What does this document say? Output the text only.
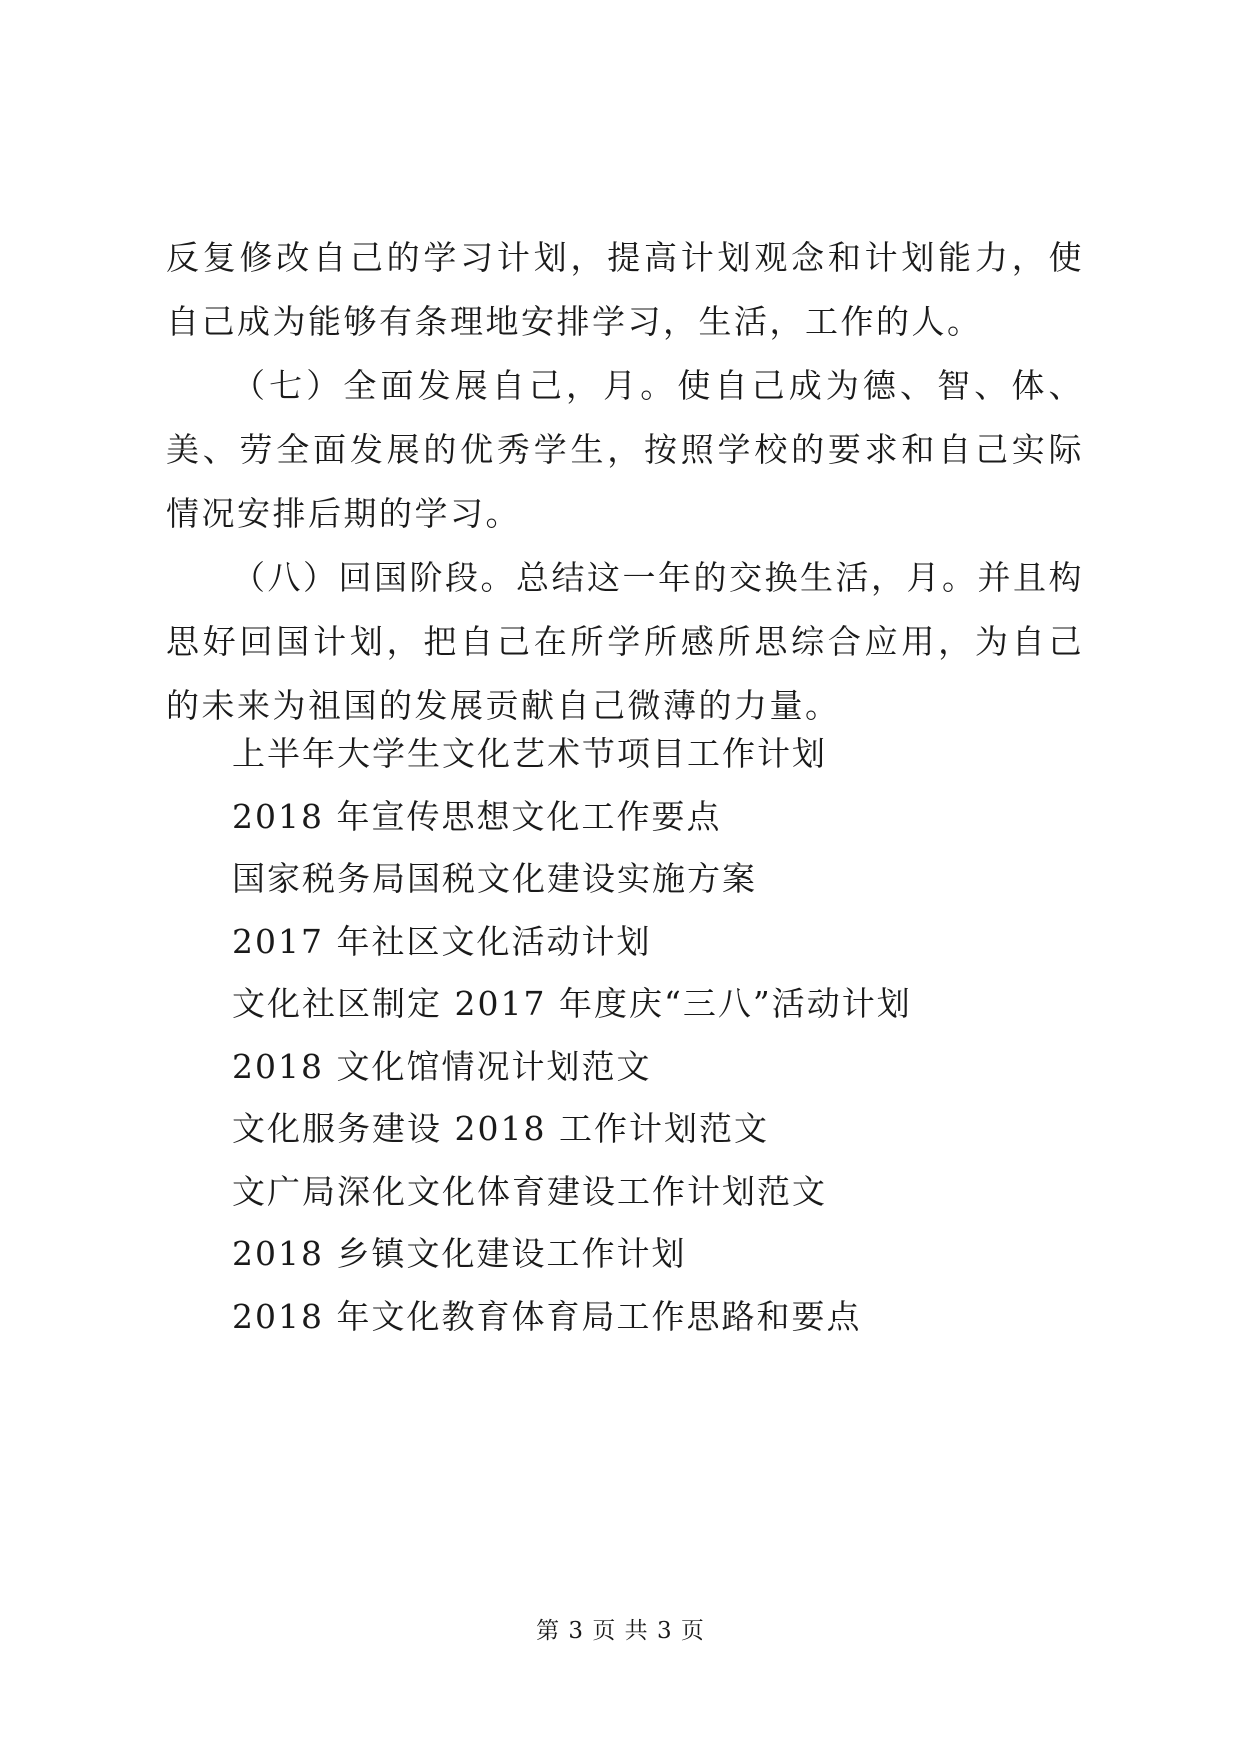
反复修改自己的学习计划，提高计划观念和计划能力，使自己成为能够有条理地安排学习，生活，工作的人。

（七）全面发展自己，月。使自己成为德、智、体、美、劳全面发展的优秀学生，按照学校的要求和自己实际情况安排后期的学习。

（八）回国阶段。总结这一年的交换生活，月。并且构思好回国计划，把自己在所学所感所思综合应用，为自己的未来为祖国的发展贡献自己微薄的力量。

上半年大学生文化艺术节项目工作计划
2018 年宣传思想文化工作要点
国家税务局国税文化建设实施方案
2017 年社区文化活动计划
文化社区制定 2017 年度庆“三八”活动计划
2018 文化馆情况计划范文
文化服务建设 2018 工作计划范文
文广局深化文化体育建设工作计划范文
2018 乡镇文化建设工作计划
2018 年文化教育体育局工作思路和要点
第 3 页 共 3 页
